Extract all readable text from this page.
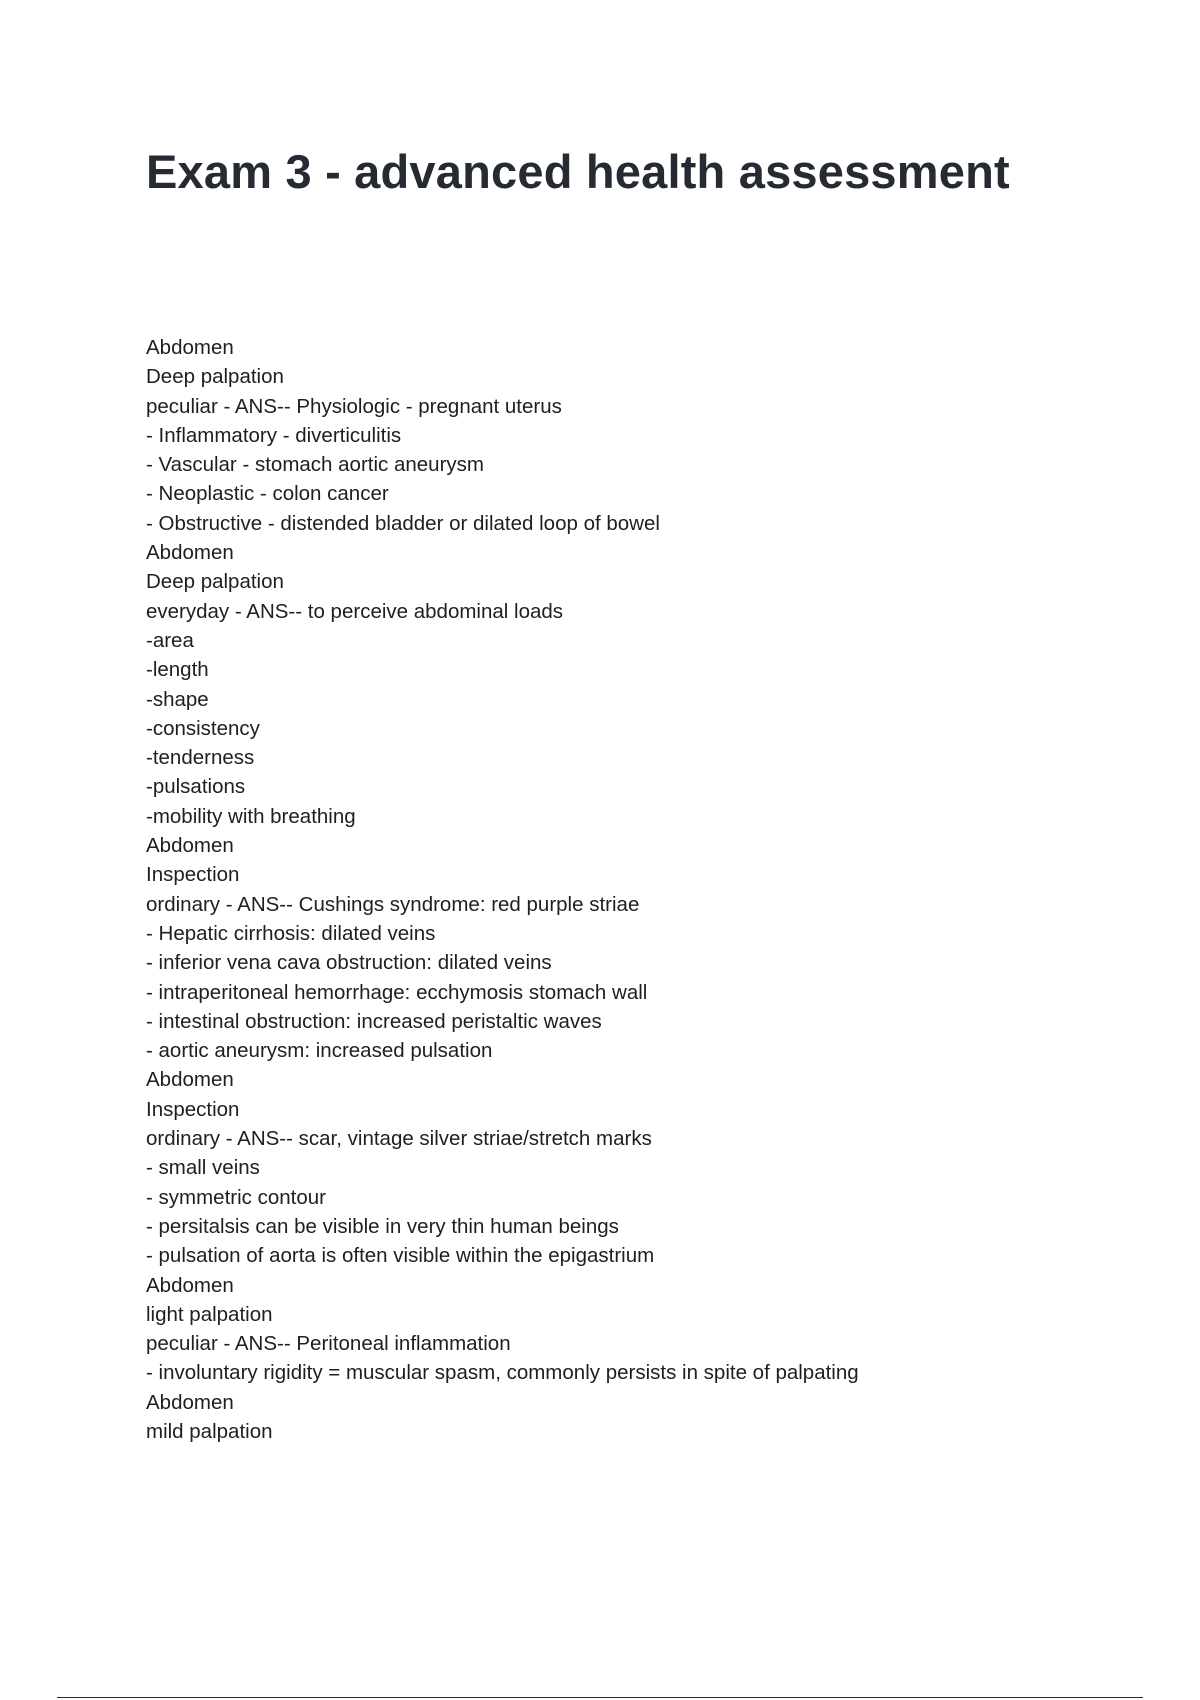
Exam 3 - advanced health assessment
Abdomen
Deep palpation
peculiar - ANS-- Physiologic - pregnant uterus
- Inflammatory - diverticulitis
- Vascular - stomach aortic aneurysm
- Neoplastic - colon cancer
- Obstructive - distended bladder or dilated loop of bowel
Abdomen
Deep palpation
everyday - ANS-- to perceive abdominal loads
-area
-length
-shape
-consistency
-tenderness
-pulsations
-mobility with breathing
Abdomen
Inspection
ordinary - ANS-- Cushings syndrome: red purple striae
- Hepatic cirrhosis: dilated veins
- inferior vena cava obstruction: dilated veins
- intraperitoneal hemorrhage: ecchymosis stomach wall
- intestinal obstruction: increased peristaltic waves
- aortic aneurysm: increased pulsation
Abdomen
Inspection
ordinary - ANS-- scar, vintage silver striae/stretch marks
- small veins
- symmetric contour
- persitalsis can be visible in very thin human beings
- pulsation of aorta is often visible within the epigastrium
Abdomen
light palpation
peculiar - ANS-- Peritoneal inflammation
- involuntary rigidity = muscular spasm, commonly persists in spite of palpating
Abdomen
mild palpation
